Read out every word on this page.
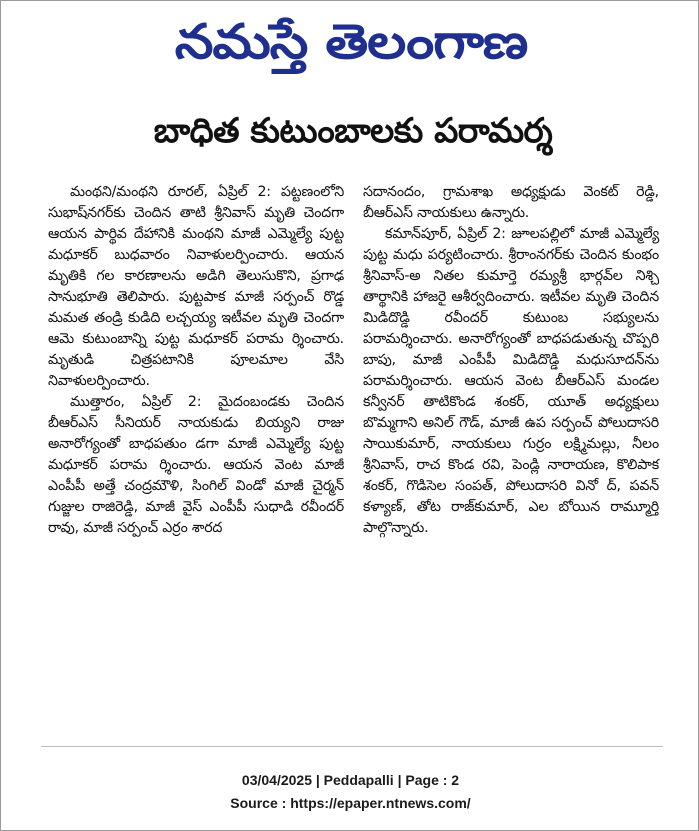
నమస్తే తెలంగాణ
బాధిత కుటుంబాలకు పరామర్శ

మంథని/మంథని రూరల్, ఏప్రిల్ 2: పట్టణంలోని సుభాష్‌నగర్‌కు చెందిన తాటి శ్రీనివాస్ మృతి చెందగా ఆయన పార్థివ దేహానికి మంథని మాజీ ఎమ్మెల్యే పుట్ట మధూకర్ బుధవారం నివాళులర్పించారు. ఆయన మృతికి గల కారణాలను అడిగి తెలుసుకొని, ప్రగాఢ సానుభూతి తెలిపారు. పుట్టపాక మాజీ సర్పంచ్ రొడ్డ మమత తండ్రి కుడిది లచ్చయ్య ఇటీవల మృతి చెందగా ఆమె కుటుంబాన్ని పుట్ట మధూకర్ పరామ ర్శించారు. మృతుడి చిత్రపటానికి పూలమాల వేసి నివాళులర్పించారు.

ముత్తారం, ఏప్రిల్ 2: మైదంబండకు చెందిన బీఆర్‌ఎస్ సీనియర్ నాయకుడు బియ్యని రాజు అనారోగ్యంతో బాధపతుం డగా మాజీ ఎమ్మెల్యే పుట్ట మధూకర్ పరామ ర్శించారు. ఆయన వెంట మాజీ ఎంపీపీ అత్తే చంద్రమౌళి, సింగిల్ విండో మాజీ చైర్మన్ గుజ్జుల రాజిరెడ్డి, మాజీ వైస్ ఎంపీపీ సుధాడి రవీందర్ రావు, మాజీ సర్పంచ్ ఎర్రం శారద

సదానందం, గ్రామశాఖ అధ్యక్షుడు వెంకట్ రెడ్డి, బీఆర్‌ఎస్ నాయకులు ఉన్నారు.

కమాన్‌పూర్, ఏప్రిల్ 2: జూలపల్లిలో మాజీ ఎమ్మెల్యే పుట్ట మధు పర్యటించారు. శ్రీరాంనగర్‌కు చెందిన కుంభం శ్రీనివాస్-అ నితల కుమార్తె రమ్యశ్రీ భార్గవ్‌ల నిశ్చి తార్థానికి హాజరై ఆశీర్వదించారు. ఇటీవల మృతి చెందిన మిడిదొడ్డి రవీందర్ కుటుంబ సభ్యులను పరామర్శించారు. అనారోగ్యంతో బాధపడుతున్న చొప్పరి బాపు, మాజీ ఎంపీపీ మిడిదొడ్డి మధుసూదన్‌ను పరామర్శించారు. ఆయన వెంట బీఆర్‌ఎస్ మండల కన్వీనర్ తాటికొండ శంకర్, యూత్ అధ్యక్షులు బొమ్మగాని అనిల్ గౌడ్, మాజీ ఉప సర్పంచ్ పోలుదాసరి సాయికుమార్, నాయకులు గుర్రం లక్ష్మిమల్లు, నీలం శ్రీనివాస్, రాచ కొండ రవి, పెండ్లి నారాయణ, కొలిపాక శంకర్, గొడిసెల సంపత్, పోలుదాసరి వినో ద్, పవన్ కళ్యాణ్, తోట రాజ్‌కుమార్, ఎల బోయిన రామ్మూర్తి పాల్గొన్నారు.

03/04/2025 | Peddapalli | Page : 2
Source : https://epaper.ntnews.com/
